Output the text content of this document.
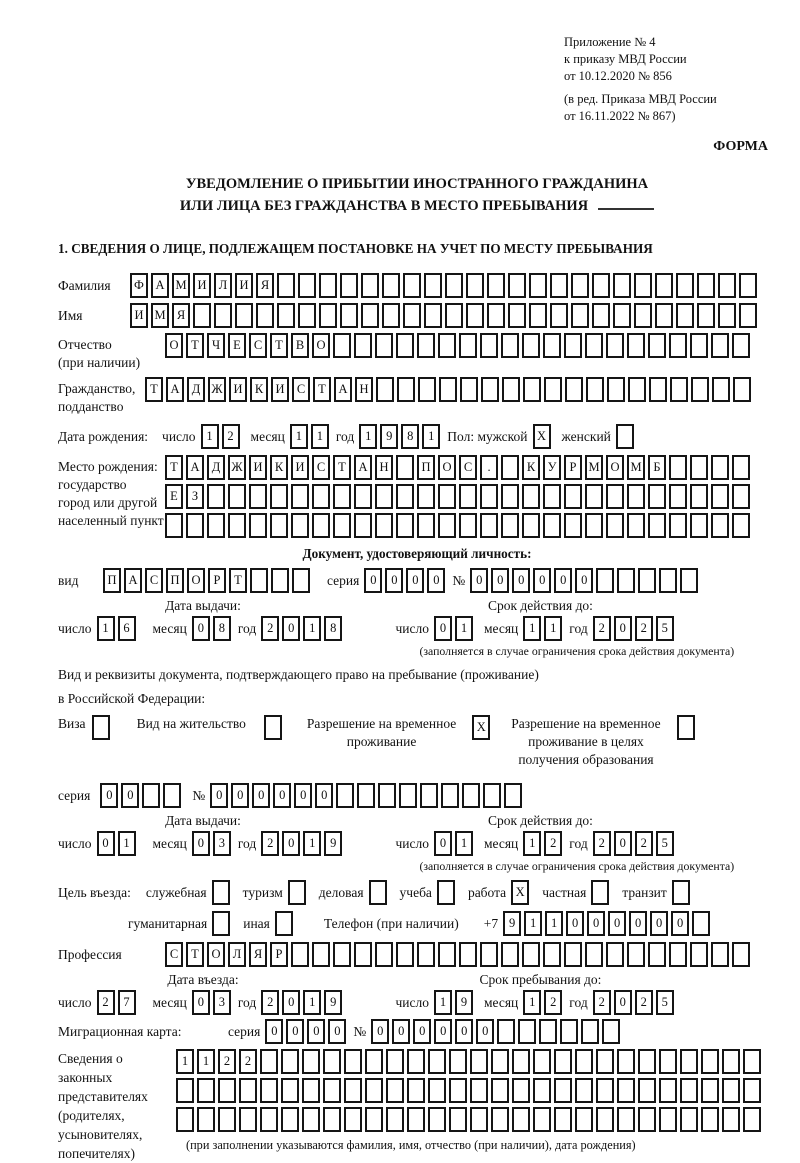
Приложение № 4
к приказу МВД России
от 10.12.2020 № 856
(в ред. Приказа МВД России
от 16.11.2022 № 867)
ФОРМА
УВЕДОМЛЕНИЕ О ПРИБЫТИИ ИНОСТРАННОГО ГРАЖДАНИНА
ИЛИ ЛИЦА БЕЗ ГРАЖДАНСТВА В МЕСТО ПРЕБЫВАНИЯ
1. СВЕДЕНИЯ О ЛИЦЕ, ПОДЛЕЖАЩЕМ ПОСТАНОВКЕ НА УЧЕТ ПО МЕСТУ ПРЕБЫВАНИЯ
Фамилия	Ф А М И Л И Я
Имя	И М Я
Отчество
(при наличии)
О Т Ч Е С Т В О
Гражданство,
подданство
Т А Д Ж И К И С Т А Н
Дата рождения: число 1 2	месяц 1 1 год 1 9 8 1 Пол: мужской X	женский
Место рождения:
государство
город или другой
населенный пункт
Т А Д Ж И К И С Т А Н	П О С .	К У Р М О М Б
Е З
Документ, удостоверяющий личность:
вид	П А С П О Р Т	серия 0 0 0 0 № 0 0 0 0 0 0
Дата выдачи:
число 1 6	месяц 0 8 год 2 0 1 8
Срок действия до:
число 0 1	месяц 1 1 год 2 0 2 5
(заполняется в случае ограничения срока действия документа)
Вид и реквизиты документа, подтверждающего право на пребывание (проживание)
в Российской Федерации:
Виза	Вид на жительство	Разрешение на временное
проживание
X	Разрешение на временное
проживание в целях
получения образования
серия	0 0	№ 0 0 0 0 0 0
Дата выдачи:
число 0 1	месяц 0 3 год 2 0 1 9
Срок действия до:
число 0 1	месяц 1 2 год 2 0 2 5
(заполняется в случае ограничения срока действия документа)
Цель въезда: служебная	туризм	деловая	учеба	работа X	частная	транзит
гуманитарная	иная	Телефон (при наличии) +7 9 1 1 0 0 0 0 0 0
Профессия	С Т О Л Я Р
Дата въезда:
число 2 7	месяц 0 3 год 2 0 1 9
Срок пребывания до:
число 1 9	месяц 1 2 год 2 0 2 5
Миграционная карта:	серия 0 0 0 0 № 0 0 0 0 0 0
Сведения о
законных
представителях
(родителях,
усыновителях,
попечителях)
1 1 2 2
(при заполнении указываются фамилия, имя, отчество (при наличии), дата рождения)
